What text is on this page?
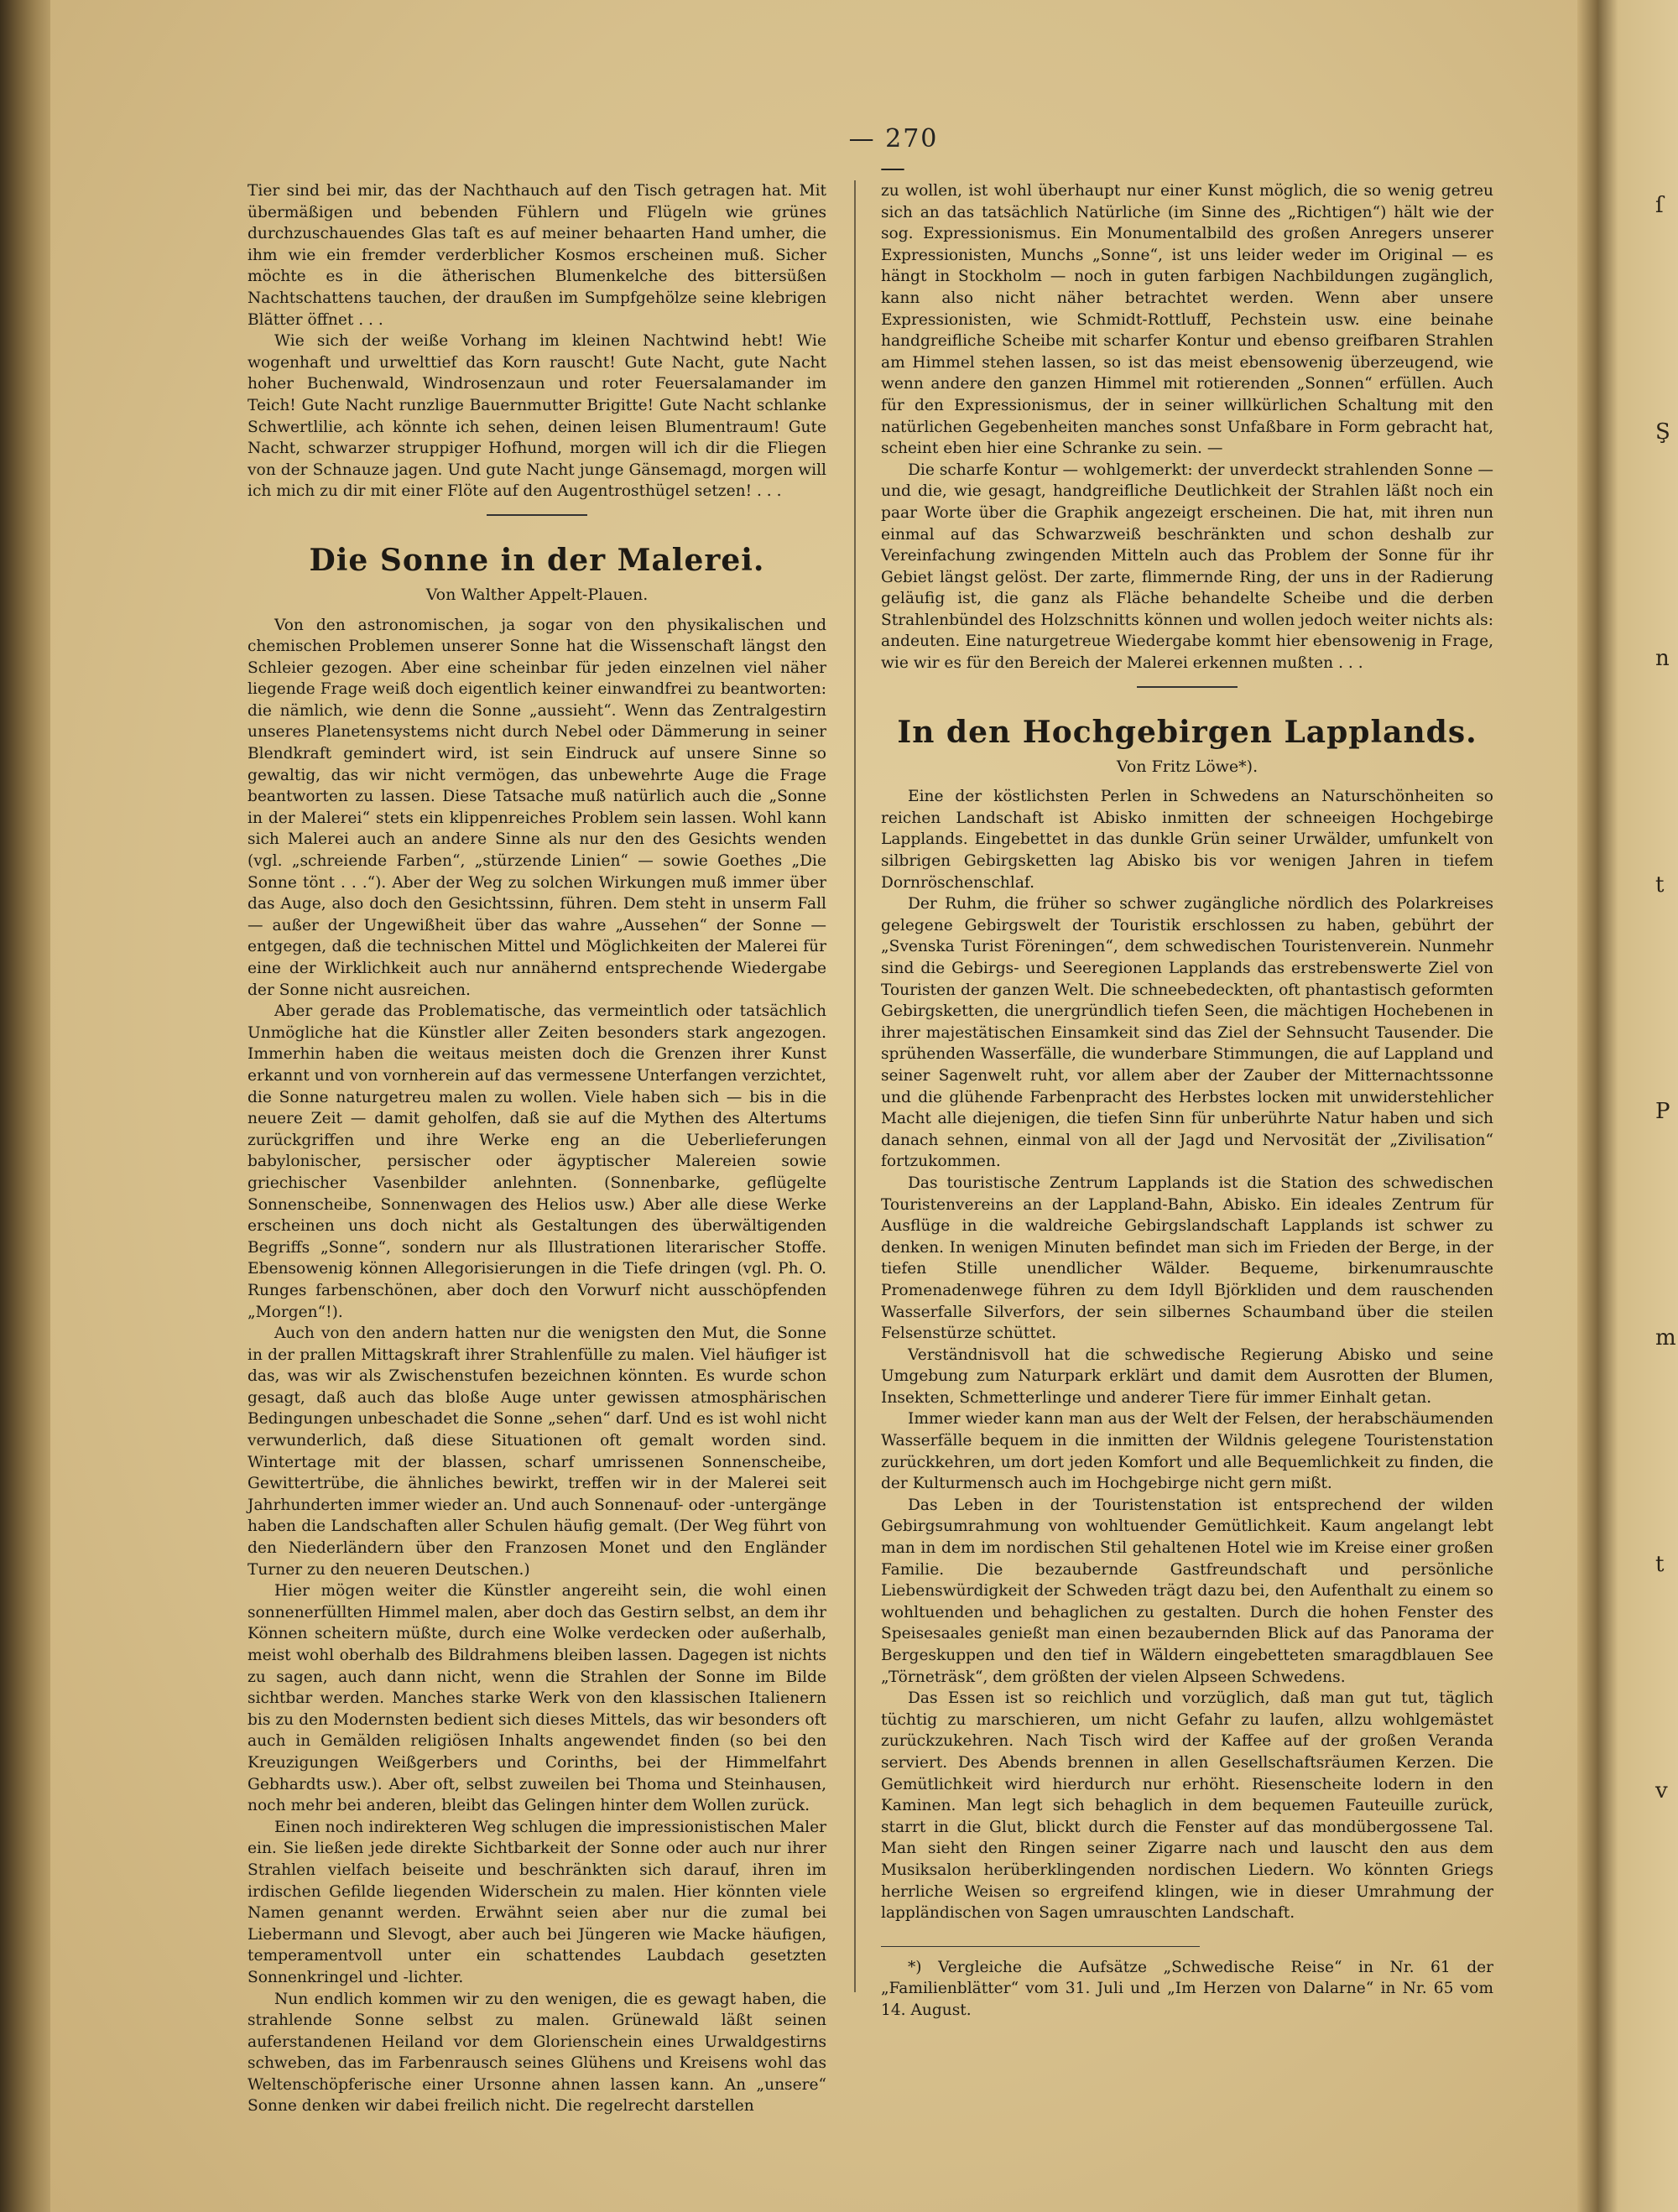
ſ
Ş
n
t
P
m
t
v
— 270 —

Tier sind bei mir, das der Nachthauch auf den Tisch getragen hat. Mit übermäßigen und bebenden Fühlern und Flügeln wie grünes durchzuschauendes Glas taſt es auf meiner behaarten Hand umher, die ihm wie ein fremder verderblicher Kosmos erscheinen muß. Sicher möchte es in die ätherischen Blumenkelche des bittersüßen Nachtschattens tauchen, der draußen im Sumpfgehölze seine klebrigen Blätter öffnet . . .

Wie sich der weiße Vorhang im kleinen Nachtwind hebt! Wie wogenhaft und urwelttief das Korn rauscht! Gute Nacht, gute Nacht hoher Buchenwald, Windrosenzaun und roter Feuersalamander im Teich! Gute Nacht runzlige Bauernmutter Brigitte! Gute Nacht schlanke Schwertlilie, ach könnte ich sehen, deinen leisen Blumentraum! Gute Nacht, schwarzer struppiger Hofhund, morgen will ich dir die Fliegen von der Schnauze jagen. Und gute Nacht junge Gänsemagd, morgen will ich mich zu dir mit einer Flöte auf den Augentrosthügel setzen! . . .

Die Sonne in der Malerei.
Von Walther Appelt-Plauen.

Von den astronomischen, ja sogar von den physikalischen und chemischen Problemen unserer Sonne hat die Wissenschaft längst den Schleier gezogen. Aber eine scheinbar für jeden einzelnen viel näher liegende Frage weiß doch eigentlich keiner einwandfrei zu beantworten: die nämlich, wie denn die Sonne „aussieht“. Wenn das Zentralgestirn unseres Planetensystems nicht durch Nebel oder Dämmerung in seiner Blendkraft gemindert wird, ist sein Eindruck auf unsere Sinne so gewaltig, das wir nicht vermögen, das unbewehrte Auge die Frage beantworten zu lassen. Diese Tatsache muß natürlich auch die „Sonne in der Malerei“ stets ein klippenreiches Problem sein lassen. Wohl kann sich Malerei auch an andere Sinne als nur den des Gesichts wenden (vgl. „schreiende Farben“, „stürzende Linien“ — sowie Goethes „Die Sonne tönt . . .“). Aber der Weg zu solchen Wirkungen muß immer über das Auge, also doch den Gesichtssinn, führen. Dem steht in unserm Fall — außer der Ungewißheit über das wahre „Aussehen“ der Sonne — entgegen, daß die technischen Mittel und Möglichkeiten der Malerei für eine der Wirklichkeit auch nur annähernd entsprechende Wiedergabe der Sonne nicht ausreichen.

Aber gerade das Problematische, das vermeintlich oder tatsächlich Unmögliche hat die Künstler aller Zeiten besonders stark angezogen. Immerhin haben die weitaus meisten doch die Grenzen ihrer Kunst erkannt und von vornherein auf das vermessene Unterfangen verzichtet, die Sonne naturgetreu malen zu wollen. Viele haben sich — bis in die neuere Zeit — damit geholfen, daß sie auf die Mythen des Altertums zurückgriffen und ihre Werke eng an die Ueberlieferungen babylonischer, persischer oder ägyptischer Malereien sowie griechischer Vasenbilder anlehnten. (Sonnenbarke, geflügelte Sonnenscheibe, Sonnenwagen des Helios usw.) Aber alle diese Werke erscheinen uns doch nicht als Gestaltungen des überwältigenden Begriffs „Sonne“, sondern nur als Illustrationen literarischer Stoffe. Ebensowenig können Allegorisierungen in die Tiefe dringen (vgl. Ph. O. Runges farbenschönen, aber doch den Vorwurf nicht ausschöpfenden „Morgen“!).

Auch von den andern hatten nur die wenigsten den Mut, die Sonne in der prallen Mittagskraft ihrer Strahlenfülle zu malen. Viel häufiger ist das, was wir als Zwischenstufen bezeichnen könnten. Es wurde schon gesagt, daß auch das bloße Auge unter gewissen atmosphärischen Bedingungen unbeschadet die Sonne „sehen“ darf. Und es ist wohl nicht verwunderlich, daß diese Situationen oft gemalt worden sind. Wintertage mit der blassen, scharf umrissenen Sonnenscheibe, Gewittertrübe, die ähnliches bewirkt, treffen wir in der Malerei seit Jahrhunderten immer wieder an. Und auch Sonnenauf- oder -untergänge haben die Landschaften aller Schulen häufig gemalt. (Der Weg führt von den Niederländern über den Franzosen Monet und den Engländer Turner zu den neueren Deutschen.)

Hier mögen weiter die Künstler angereiht sein, die wohl einen sonnenerfüllten Himmel malen, aber doch das Gestirn selbst, an dem ihr Können scheitern müßte, durch eine Wolke verdecken oder außerhalb, meist wohl oberhalb des Bildrahmens bleiben lassen. Dagegen ist nichts zu sagen, auch dann nicht, wenn die Strahlen der Sonne im Bilde sichtbar werden. Manches starke Werk von den klassischen Italienern bis zu den Modernsten bedient sich dieses Mittels, das wir besonders oft auch in Gemälden religiösen Inhalts angewendet finden (so bei den Kreuzigungen Weißgerbers und Corinths, bei der Himmelfahrt Gebhardts usw.). Aber oft, selbst zuweilen bei Thoma und Steinhausen, noch mehr bei anderen, bleibt das Gelingen hinter dem Wollen zurück.

Einen noch indirekteren Weg schlugen die impressionistischen Maler ein. Sie ließen jede direkte Sichtbarkeit der Sonne oder auch nur ihrer Strahlen vielfach beiseite und beschränkten sich darauf, ihren im irdischen Gefilde liegenden Widerschein zu malen. Hier könnten viele Namen genannt werden. Erwähnt seien aber nur die zumal bei Liebermann und Slevogt, aber auch bei Jüngeren wie Macke häufigen, temperamentvoll unter ein schattendes Laubdach gesetzten Sonnenkringel und -lichter.

Nun endlich kommen wir zu den wenigen, die es gewagt haben, die strahlende Sonne selbst zu malen. Grünewald läßt seinen auferstandenen Heiland vor dem Glorienschein eines Urwaldgestirns schweben, das im Farbenrausch seines Glühens und Kreisens wohl das Weltenschöpferische einer Ursonne ahnen lassen kann. An „unsere“ Sonne denken wir dabei freilich nicht. Die regelrecht darstellen

zu wollen, ist wohl überhaupt nur einer Kunst möglich, die so wenig getreu sich an das tatsächlich Natürliche (im Sinne des „Richtigen“) hält wie der sog. Expressionismus. Ein Monumentalbild des großen Anregers unserer Expressionisten, Munchs „Sonne“, ist uns leider weder im Original — es hängt in Stockholm — noch in guten farbigen Nachbildungen zugänglich, kann also nicht näher betrachtet werden. Wenn aber unsere Expressionisten, wie Schmidt-Rottluff, Pechstein usw. eine beinahe handgreifliche Scheibe mit scharfer Kontur und ebenso greifbaren Strahlen am Himmel stehen lassen, so ist das meist ebensowenig überzeugend, wie wenn andere den ganzen Himmel mit rotierenden „Sonnen“ erfüllen. Auch für den Expressionismus, der in seiner willkürlichen Schaltung mit den natürlichen Gegebenheiten manches sonst Unfaßbare in Form gebracht hat, scheint eben hier eine Schranke zu sein. —

Die scharfe Kontur — wohlgemerkt: der unverdeckt strahlenden Sonne — und die, wie gesagt, handgreifliche Deutlichkeit der Strahlen läßt noch ein paar Worte über die Graphik angezeigt erscheinen. Die hat, mit ihren nun einmal auf das Schwarzweiß beschränkten und schon deshalb zur Vereinfachung zwingenden Mitteln auch das Problem der Sonne für ihr Gebiet längst gelöst. Der zarte, flimmernde Ring, der uns in der Radierung geläufig ist, die ganz als Fläche behandelte Scheibe und die derben Strahlenbündel des Holzschnitts können und wollen jedoch weiter nichts als: andeuten. Eine naturgetreue Wiedergabe kommt hier ebensowenig in Frage, wie wir es für den Bereich der Malerei erkennen mußten . . .

In den Hochgebirgen Lapplands.
Von Fritz Löwe*).

Eine der köstlichsten Perlen in Schwedens an Naturschönheiten so reichen Landschaft ist Abisko inmitten der schneeigen Hochgebirge Lapplands. Eingebettet in das dunkle Grün seiner Urwälder, umfunkelt von silbrigen Gebirgsketten lag Abisko bis vor wenigen Jahren in tiefem Dornröschenschlaf.

Der Ruhm, die früher so schwer zugängliche nördlich des Polarkreises gelegene Gebirgswelt der Touristik erschlossen zu haben, gebührt der „Svenska Turist Föreningen“, dem schwedischen Touristenverein. Nunmehr sind die Gebirgs- und Seeregionen Lapplands das erstrebenswerte Ziel von Touristen der ganzen Welt. Die schneebedeckten, oft phantastisch geformten Gebirgsketten, die unergründlich tiefen Seen, die mächtigen Hochebenen in ihrer majestätischen Einsamkeit sind das Ziel der Sehnsucht Tausender. Die sprühenden Wasserfälle, die wunderbare Stimmungen, die auf Lappland und seiner Sagenwelt ruht, vor allem aber der Zauber der Mitternachtssonne und die glühende Farbenpracht des Herbstes locken mit unwiderstehlicher Macht alle diejenigen, die tiefen Sinn für unberührte Natur haben und sich danach sehnen, einmal von all der Jagd und Nervosität der „Zivilisation“ fortzukommen.

Das touristische Zentrum Lapplands ist die Station des schwedischen Touristenvereins an der Lappland-Bahn, Abisko. Ein ideales Zentrum für Ausflüge in die waldreiche Gebirgslandschaft Lapplands ist schwer zu denken. In wenigen Minuten befindet man sich im Frieden der Berge, in der tiefen Stille unendlicher Wälder. Bequeme, birkenumrauschte Promenadenwege führen zu dem Idyll Björkliden und dem rauschenden Wasserfalle Silverfors, der sein silbernes Schaumband über die steilen Felsenstürze schüttet.

Verständnisvoll hat die schwedische Regierung Abisko und seine Umgebung zum Naturpark erklärt und damit dem Ausrotten der Blumen, Insekten, Schmetterlinge und anderer Tiere für immer Einhalt getan.

Immer wieder kann man aus der Welt der Felsen, der herabschäumenden Wasserfälle bequem in die inmitten der Wildnis gelegene Touristenstation zurückkehren, um dort jeden Komfort und alle Bequemlichkeit zu finden, die der Kulturmensch auch im Hochgebirge nicht gern mißt.

Das Leben in der Touristenstation ist entsprechend der wilden Gebirgsumrahmung von wohltuender Gemütlichkeit. Kaum angelangt lebt man in dem im nordischen Stil gehaltenen Hotel wie im Kreise einer großen Familie. Die bezaubernde Gastfreundschaft und persönliche Liebenswürdigkeit der Schweden trägt dazu bei, den Aufenthalt zu einem so wohltuenden und behaglichen zu gestalten. Durch die hohen Fenster des Speisesaales genießt man einen bezaubernden Blick auf das Panorama der Bergeskuppen und den tief in Wäldern eingebetteten smaragdblauen See „Törneträsk“, dem größten der vielen Alpseen Schwedens.

Das Essen ist so reichlich und vorzüglich, daß man gut tut, täglich tüchtig zu marschieren, um nicht Gefahr zu laufen, allzu wohlgemästet zurückzukehren. Nach Tisch wird der Kaffee auf der großen Veranda serviert. Des Abends brennen in allen Gesellschaftsräumen Kerzen. Die Gemütlichkeit wird hierdurch nur erhöht. Riesenscheite lodern in den Kaminen. Man legt sich behaglich in dem bequemen Fauteuille zurück, starrt in die Glut, blickt durch die Fenster auf das mondübergossene Tal. Man sieht den Ringen seiner Zigarre nach und lauscht den aus dem Musiksalon herüberklingenden nordischen Liedern. Wo könnten Griegs herrliche Weisen so ergreifend klingen, wie in dieser Umrahmung der lappländischen von Sagen umrauschten Landschaft.

*) Vergleiche die Aufsätze „Schwedische Reise“ in Nr. 61 der „Familienblätter“ vom 31. Juli und „Im Herzen von Dalarne“ in Nr. 65 vom 14. August.
